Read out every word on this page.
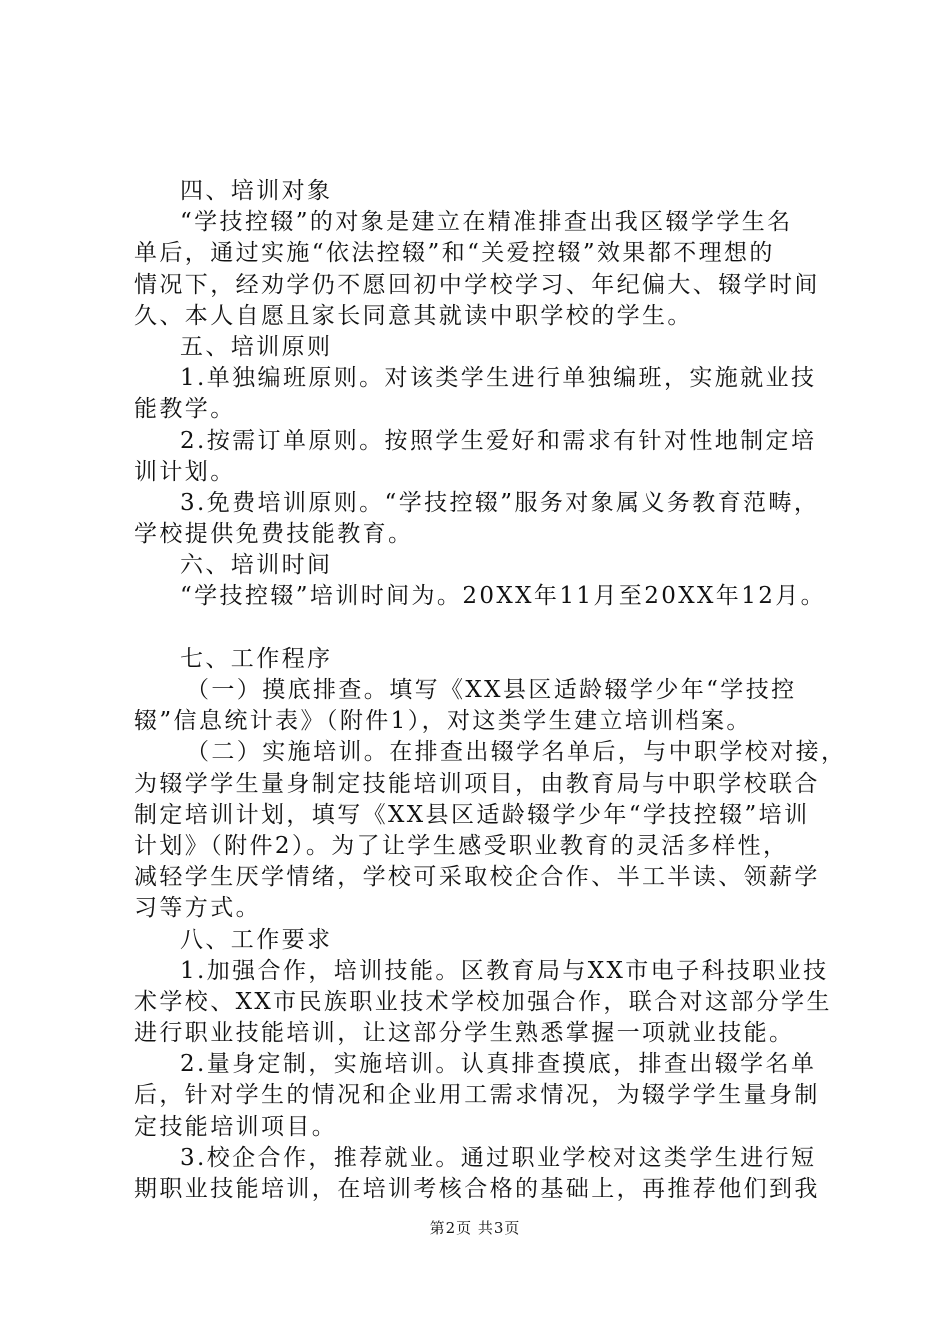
四、培训对象
“学技控辍”的对象是建立在精准排查出我区辍学学生名
单后，通过实施“依法控辍”和“关爱控辍”效果都不理想的
情况下，经劝学仍不愿回初中学校学习、年纪偏大、辍学时间
久、本人自愿且家长同意其就读中职学校的学生。
五、培训原则
1.单独编班原则。对该类学生进行单独编班，实施就业技
能教学。
2.按需订单原则。按照学生爱好和需求有针对性地制定培
训计划。
3.免费培训原则。“学技控辍”服务对象属义务教育范畴，
学校提供免费技能教育。
六、培训时间
“学技控辍”培训时间为。20XX年11月至20XX年12月。
七、工作程序
（一）摸底排查。填写《XX县区适龄辍学少年“学技控
辍”信息统计表》（附件1），对这类学生建立培训档案。
（二）实施培训。在排查出辍学名单后，与中职学校对接，
为辍学学生量身制定技能培训项目，由教育局与中职学校联合
制定培训计划，填写《XX县区适龄辍学少年“学技控辍”培训
计划》（附件2）。为了让学生感受职业教育的灵活多样性，
减轻学生厌学情绪，学校可采取校企合作、半工半读、领薪学
习等方式。
八、工作要求
1.加强合作，培训技能。区教育局与XX市电子科技职业技
术学校、XX市民族职业技术学校加强合作，联合对这部分学生
进行职业技能培训，让这部分学生熟悉掌握一项就业技能。
2.量身定制，实施培训。认真排查摸底，排查出辍学名单
后，针对学生的情况和企业用工需求情况，为辍学学生量身制
定技能培训项目。
3.校企合作，推荐就业。通过职业学校对这类学生进行短
期职业技能培训，在培训考核合格的基础上，再推荐他们到我
第2页 共3页
